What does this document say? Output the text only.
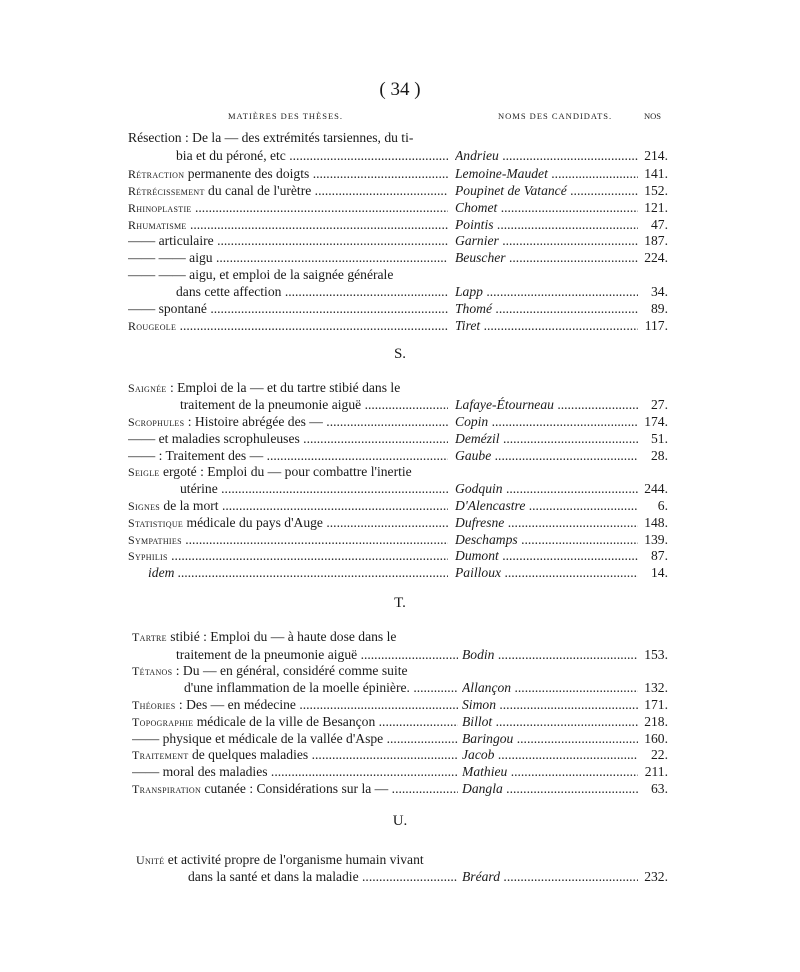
( 34 )
MATIÈRES DES THÈSES.	NOMS DES CANDIDATS.	NOS
Résection : De la — des extrémités tarsiennes, du ti-
bia et du péroné, etc .....	Andrieu .....	214.
Rétraction permanente des doigts .....	Lemoine-Maudet .....	141.
Rétrécissement du canal de l'urètre .....	Poupinet de Vatancé .....	152.
Rhinoplastie .....	Chomet .....	121.
Rhumatisme .....	Pointis .....	47.
—— articulaire .....	Garnier .....	187.
—— —— aigu .....	Beuscher .....	224.
—— —— aigu, et emploi de la saignée générale
dans cette affection .....	Lapp .....	34.
—— spontané .....	Thomé .....	89.
Rougeole .....	Tiret .....	117.
S.
Saignée : Emploi de la — et du tartre stibié dans le
traitement de la pneumonie aiguë .....	Lafaye-Étourneau .....	27.
Scrophules : Histoire abrégée des — .....	Copin .....	174.
—— et maladies scrophuleuses .....	Demézil .....	51.
—— : Traitement des — .....	Gaube .....	28.
Seigle ergoté : Emploi du — pour combattre l'inertie
utérine .....	Godquin .....	244.
Signes de la mort .....	D'Alencastre .....	6.
Statistique médicale du pays d'Auge .....	Dufresne .....	148.
Sympathies .....	Deschamps .....	139.
Syphilis .....	Dumont .....	87.
idem .....	Pailloux .....	14.
T.
Tartre stibié : Emploi du — à haute dose dans le
traitement de la pneumonie aiguë .....	Bodin .....	153.
Tétanos : Du — en général, considéré comme suite
d'une inflammation de la moelle épinière. .....	Allançon .....	132.
Théories : Des — en médecine .....	Simon .....	171.
Topographie médicale de la ville de Besançon .....	Billot .....	218.
—— physique et médicale de la vallée d'Aspe .....	Baringou .....	160.
Traitement de quelques maladies .....	Jacob .....	22.
—— moral des maladies .....	Mathieu .....	211.
Transpiration cutanée : Considérations sur la — .....	Dangla .....	63.
U.
Unité et activité propre de l'organisme humain vivant
dans la santé et dans la maladie .....	Bréard .....	232.
